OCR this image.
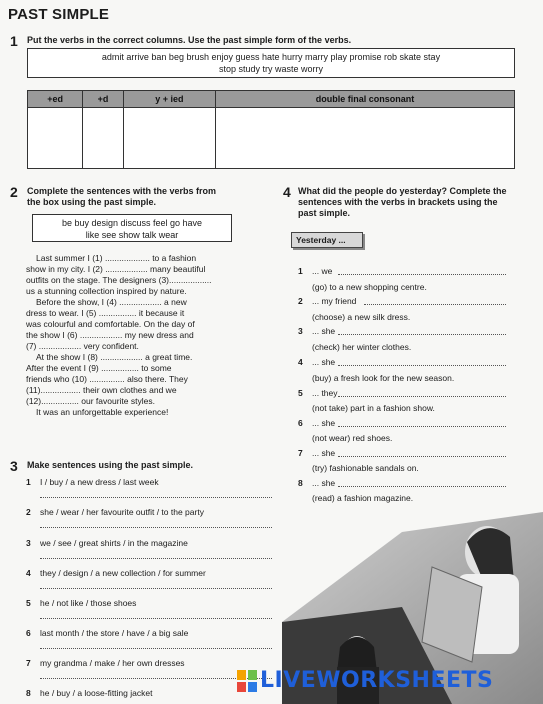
PAST SIMPLE
1 Put the verbs in the correct columns. Use the past simple form of the verbs.
admit arrive ban beg brush enjoy guess hate hurry marry play promise rob skate stay
stop study try waste worry
+ed	+d	y + ied	double final consonant

2 Complete the sentences with the verbs from
the box using the past simple.
be buy design discuss feel go have
like see show talk wear
Last summer I (1) ................... to a fashion
show in my city. I (2) .................. many beautiful
outfits on the stage. The designers (3)..................
us a stunning collection inspired by nature.
Before the show, I (4) .................. a new
dress to wear. I (5) ................ it because it
was colourful and comfortable. On the day of
the show I (6) .................. my new dress and
(7) .................. very confident.
At the show I (8) .................. a great time.
After the event I (9) ................ to some
friends who (10) ............... also there. They
(11)................. their own clothes and we
(12)................ our favourite styles.
It was an unforgettable experience!
3 Make sentences using the past simple.
1 I / buy / a new dress / last week
2 she / wear / her favourite outfit / to the party
3 we / see / great shirts / in the magazine
4 they / design / a new collection / for summer
5 he / not like / those shoes
6 last month / the store / have / a big sale
7 my grandma / make / her own dresses
8 he / buy / a loose-fitting jacket
4 What did the people do yesterday? Complete the
sentences with the verbs in brackets using the
past simple.
Yesterday ...
1 ... we
(go) to a new shopping centre.
2 ... my friend
(choose) a new silk dress.
3 ... she
(check) her winter clothes.
4 ... she
(buy) a fresh look for the new season.
5 ... they
(not take) part in a fashion show.
6 ... she
(not wear) red shoes.
7 ... she
(try) fashionable sandals on.
8 ... she
(read) a fashion magazine.
LIVEWORKSHEETS
